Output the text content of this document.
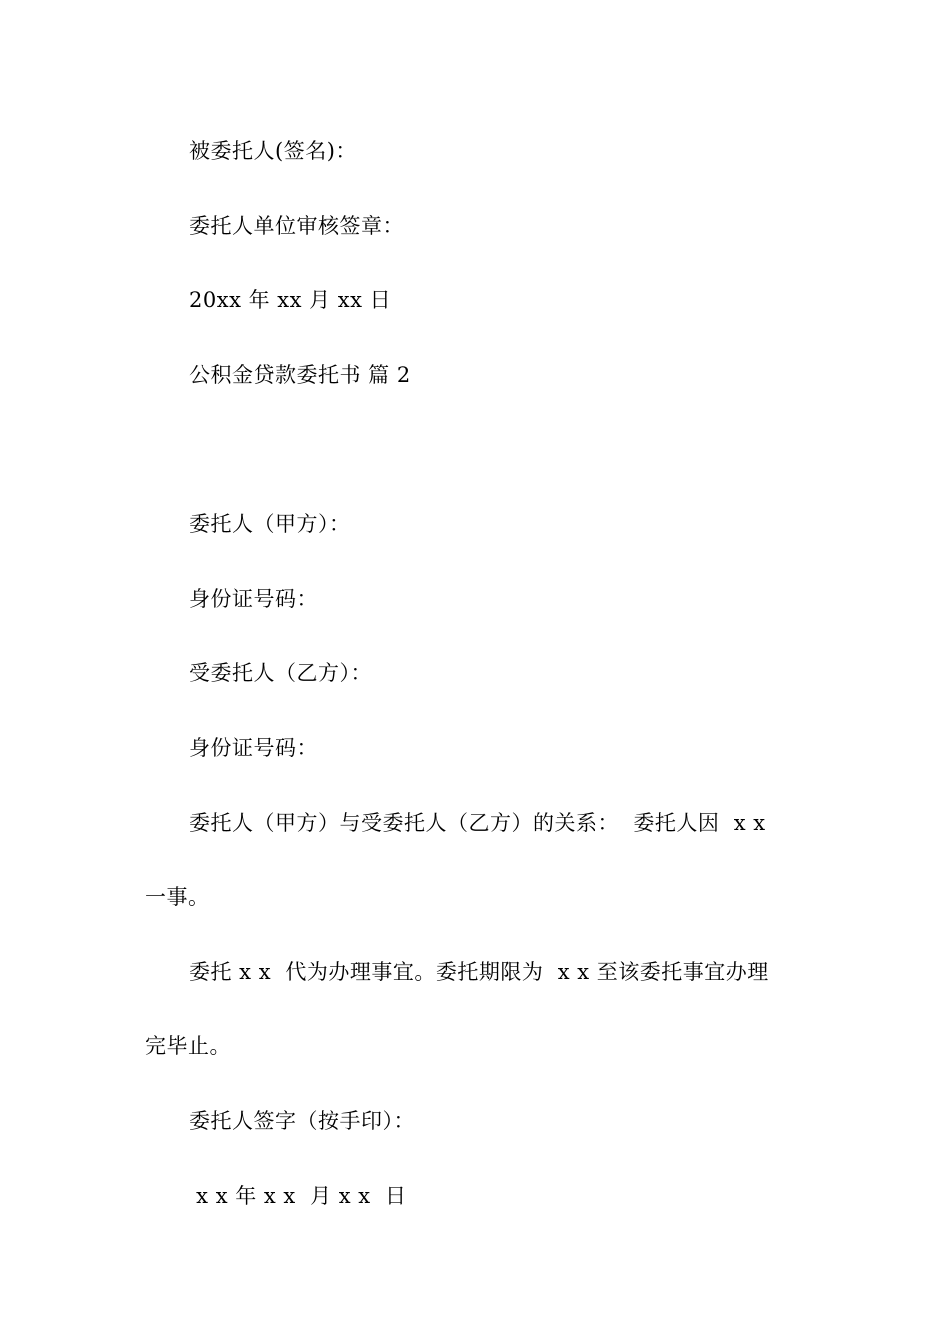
被委托人(签名)：
委托人单位审核签章：
20xx 年 xx 月 xx 日
公积金贷款委托书 篇 2
委托人（甲方）：
身份证号码：
受委托人（乙方）：
身份证号码：
委托人（甲方）与受委托人（乙方）的关系：  委托人因  x x
一事。
委托 x x  代为办理事宜。委托期限为  x x 至该委托事宜办理
完毕止。
委托人签字（按手印）：
x x 年 x x  月 x x  日
